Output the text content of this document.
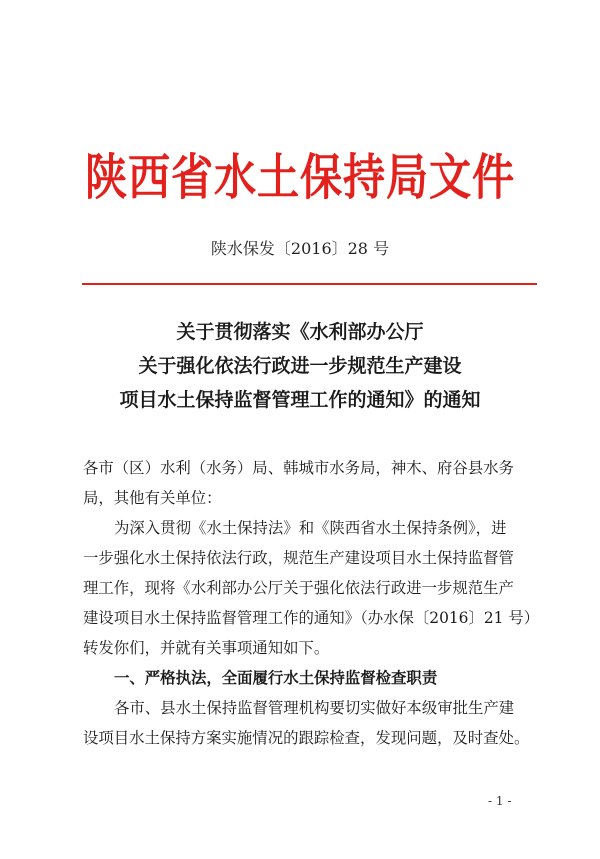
陕西省水土保持局文件
陕水保发〔2016〕28 号
关于贯彻落实《水利部办公厅
关于强化依法行政进一步规范生产建设
项目水土保持监督管理工作的通知》的通知

各市（区）水利（水务）局、韩城市水务局，神木、府谷县水务
局，其他有关单位：

为深入贯彻《水土保持法》和《陕西省水土保持条例》，进
一步强化水土保持依法行政，规范生产建设项目水土保持监督管
理工作，现将《水利部办公厅关于强化依法行政进一步规范生产
建设项目水土保持监督管理工作的通知》（办水保〔2016〕21 号）
转发你们，并就有关事项通知如下。

一、严格执法，全面履行水土保持监督检查职责

各市、县水土保持监督管理机构要切实做好本级审批生产建
设项目水土保持方案实施情况的跟踪检查，发现问题，及时查处。

- 1 -
